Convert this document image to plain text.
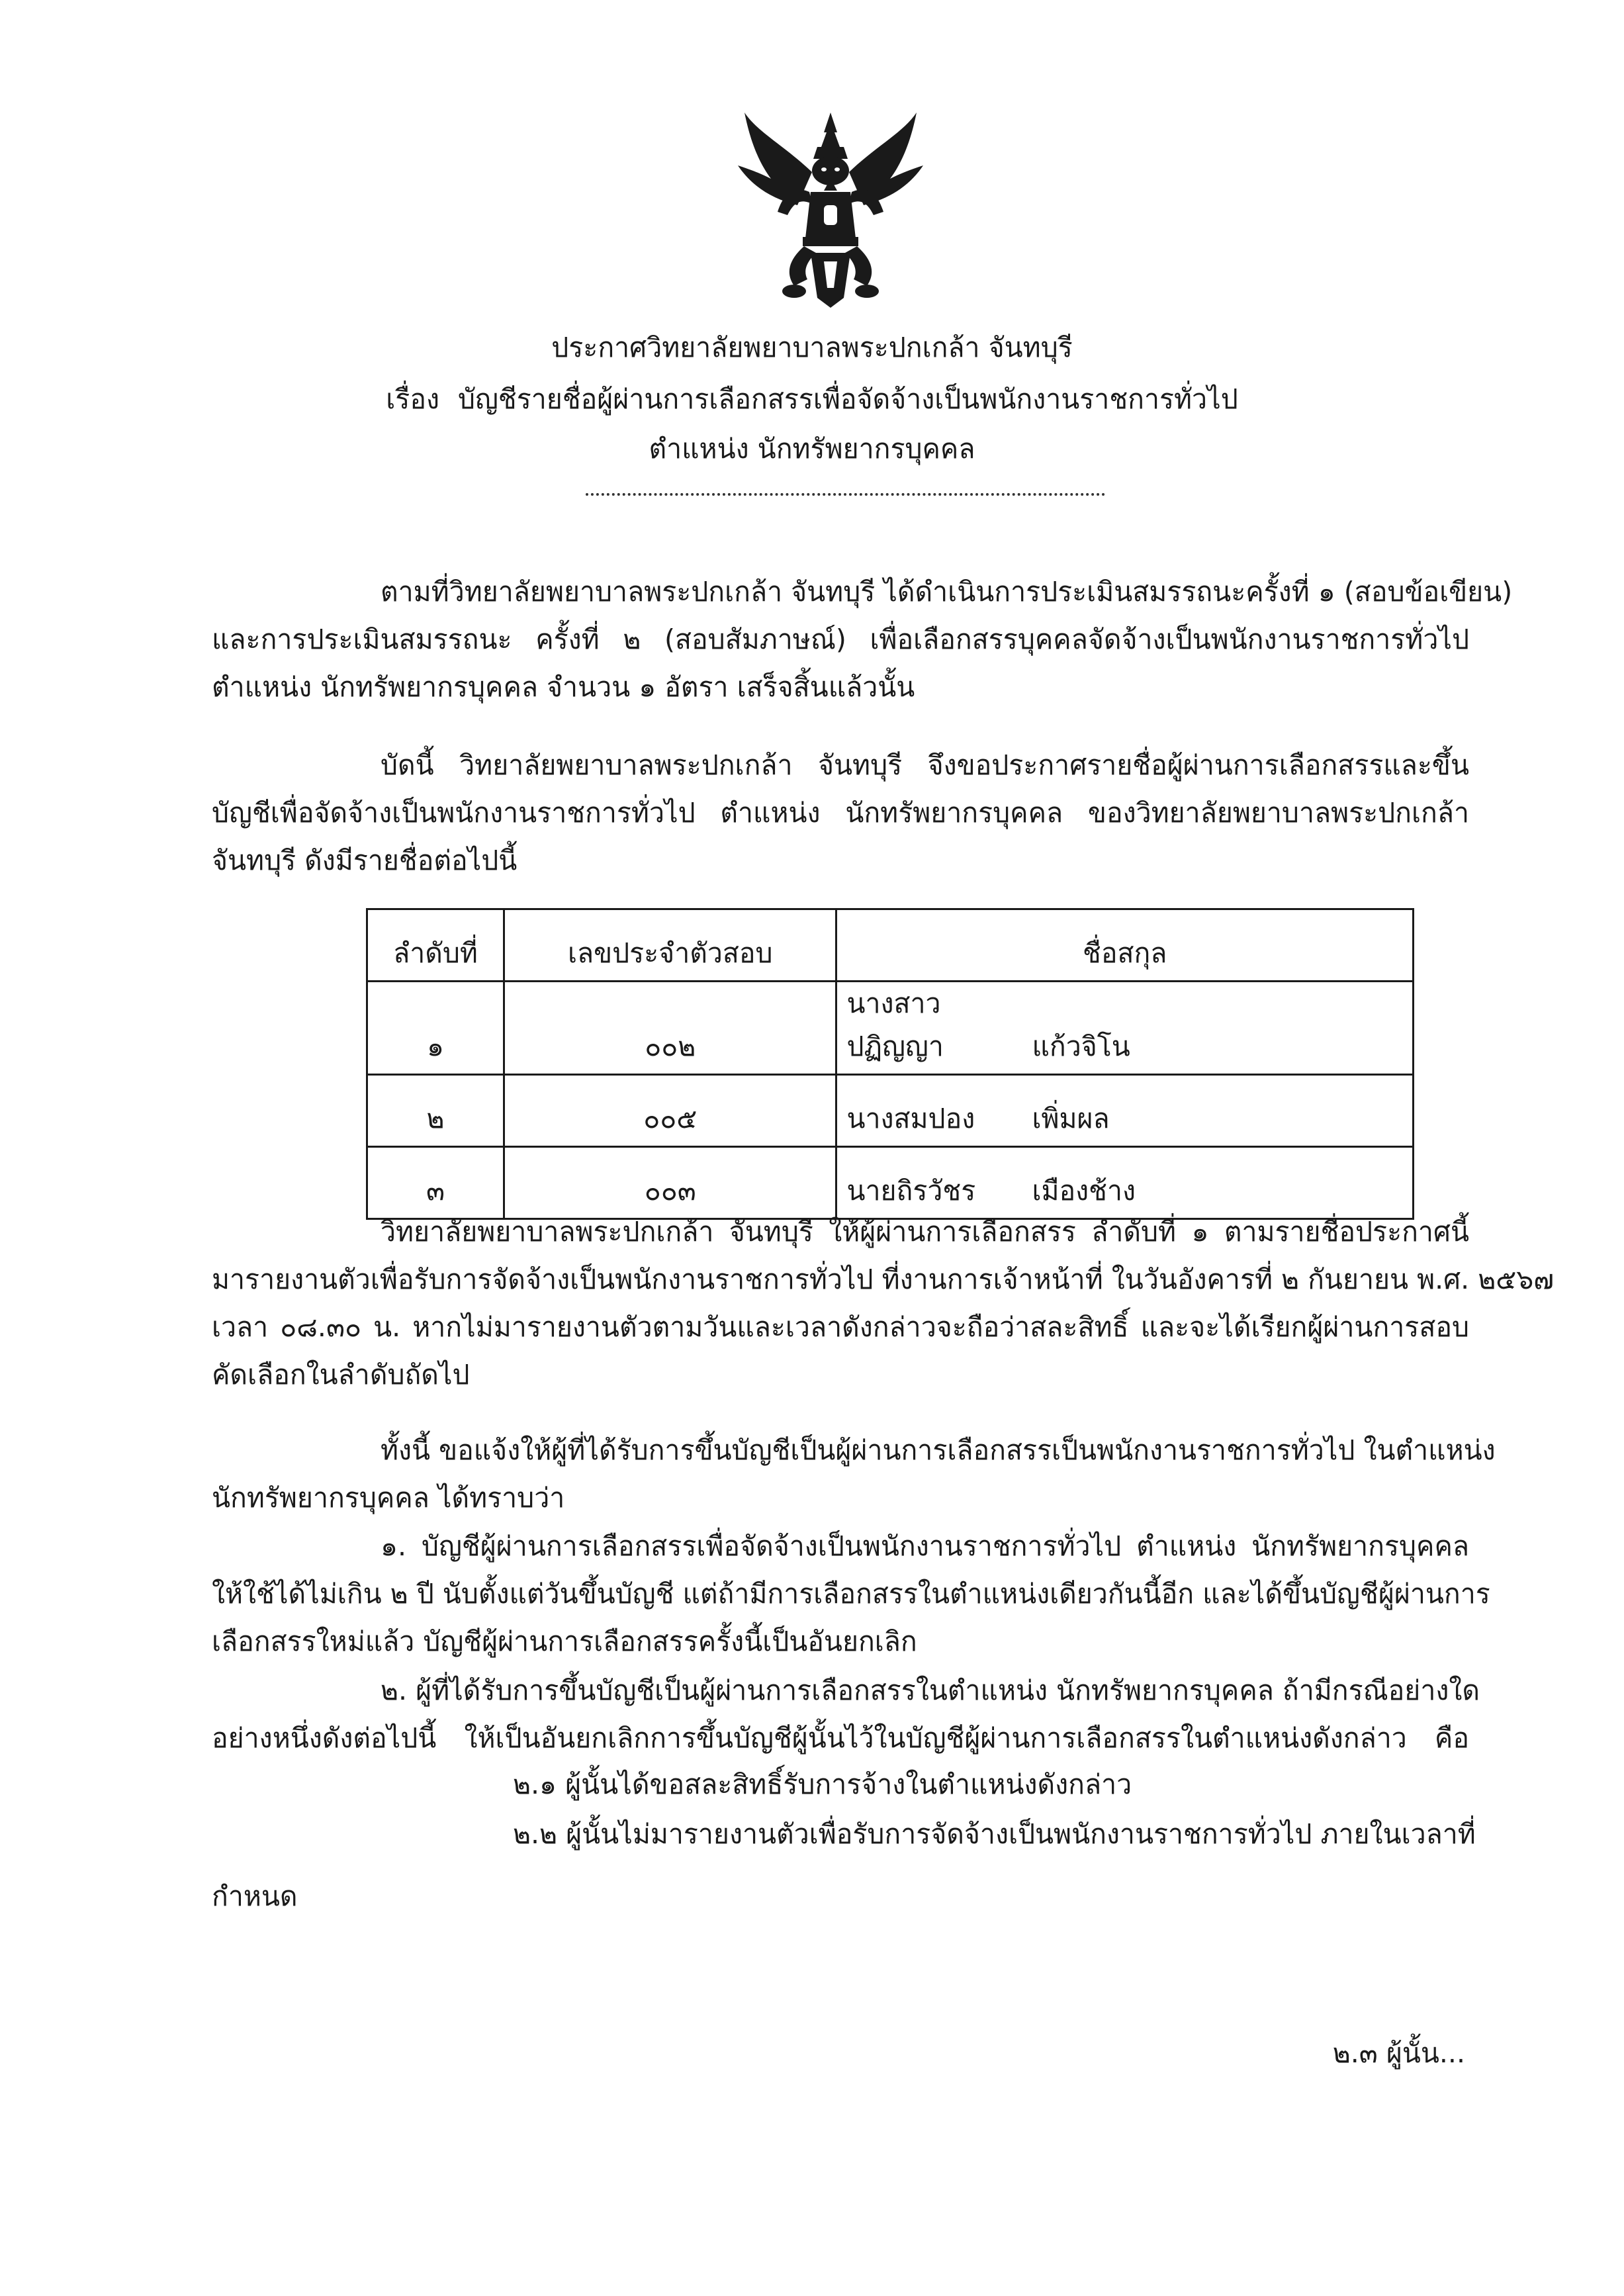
ประกาศวิทยาลัยพยาบาลพระปกเกล้า จันทบุรี
เรื่อง บัญชีรายชื่อผู้ผ่านการเลือกสรรเพื่อจัดจ้างเป็นพนักงานราชการทั่วไป
ตำแหน่ง นักทรัพยากรบุคคล
ตามที่วิทยาลัยพยาบาลพระปกเกล้า จันทบุรี ได้ดำเนินการประเมินสมรรถนะครั้งที่ ๑ (สอบข้อเขียน)
และการประเมินสมรรถนะ ครั้งที่ ๒ (สอบสัมภาษณ์) เพื่อเลือกสรรบุคคลจัดจ้างเป็นพนักงานราชการทั่วไป
ตำแหน่ง นักทรัพยากรบุคคล จำนวน ๑ อัตรา เสร็จสิ้นแล้วนั้น
บัดนี้ วิทยาลัยพยาบาลพระปกเกล้า จันทบุรี จึงขอประกาศรายชื่อผู้ผ่านการเลือกสรรและขึ้น
บัญชีเพื่อจัดจ้างเป็นพนักงานราชการทั่วไป ตำแหน่ง นักทรัพยากรบุคคล ของวิทยาลัยพยาบาลพระปกเกล้า
จันทบุรี ดังมีรายชื่อต่อไปนี้
ลำดับที่	เลขประจำตัวสอบ	ชื่อสกุล
๑	๐๐๒	นางสาวปฏิญญา แก้วจิโน
๒	๐๐๕	นางสมปอง เพิ่มผล
๓	๐๐๓	นายถิรวัชร เมืองช้าง
วิทยาลัยพยาบาลพระปกเกล้า จันทบุรี ให้ผู้ผ่านการเลือกสรร ลำดับที่ ๑ ตามรายชื่อประกาศนี้
มารายงานตัวเพื่อรับการจัดจ้างเป็นพนักงานราชการทั่วไป ที่งานการเจ้าหน้าที่ ในวันอังคารที่ ๒ กันยายน พ.ศ. ๒๕๖๗
เวลา ๐๘.๓๐ น. หากไม่มารายงานตัวตามวันและเวลาดังกล่าวจะถือว่าสละสิทธิ์ และจะได้เรียกผู้ผ่านการสอบ
คัดเลือกในลำดับถัดไป
ทั้งนี้ ขอแจ้งให้ผู้ที่ได้รับการขึ้นบัญชีเป็นผู้ผ่านการเลือกสรรเป็นพนักงานราชการทั่วไป ในตำแหน่ง
นักทรัพยากรบุคคล ได้ทราบว่า
๑. บัญชีผู้ผ่านการเลือกสรรเพื่อจัดจ้างเป็นพนักงานราชการทั่วไป ตำแหน่ง นักทรัพยากรบุคคล
ให้ใช้ได้ไม่เกิน ๒ ปี นับตั้งแต่วันขึ้นบัญชี แต่ถ้ามีการเลือกสรรในตำแหน่งเดียวกันนี้อีก และได้ขึ้นบัญชีผู้ผ่านการ
เลือกสรรใหม่แล้ว บัญชีผู้ผ่านการเลือกสรรครั้งนี้เป็นอันยกเลิก
๒. ผู้ที่ได้รับการขึ้นบัญชีเป็นผู้ผ่านการเลือกสรรในตำแหน่ง นักทรัพยากรบุคคล ถ้ามีกรณีอย่างใด
อย่างหนึ่งดังต่อไปนี้ ให้เป็นอันยกเลิกการขึ้นบัญชีผู้นั้นไว้ในบัญชีผู้ผ่านการเลือกสรรในตำแหน่งดังกล่าว คือ
๒.๑ ผู้นั้นได้ขอสละสิทธิ์รับการจ้างในตำแหน่งดังกล่าว
๒.๒ ผู้นั้นไม่มารายงานตัวเพื่อรับการจัดจ้างเป็นพนักงานราชการทั่วไป ภายในเวลาที่
กำหนด
๒.๓ ผู้นั้น...
